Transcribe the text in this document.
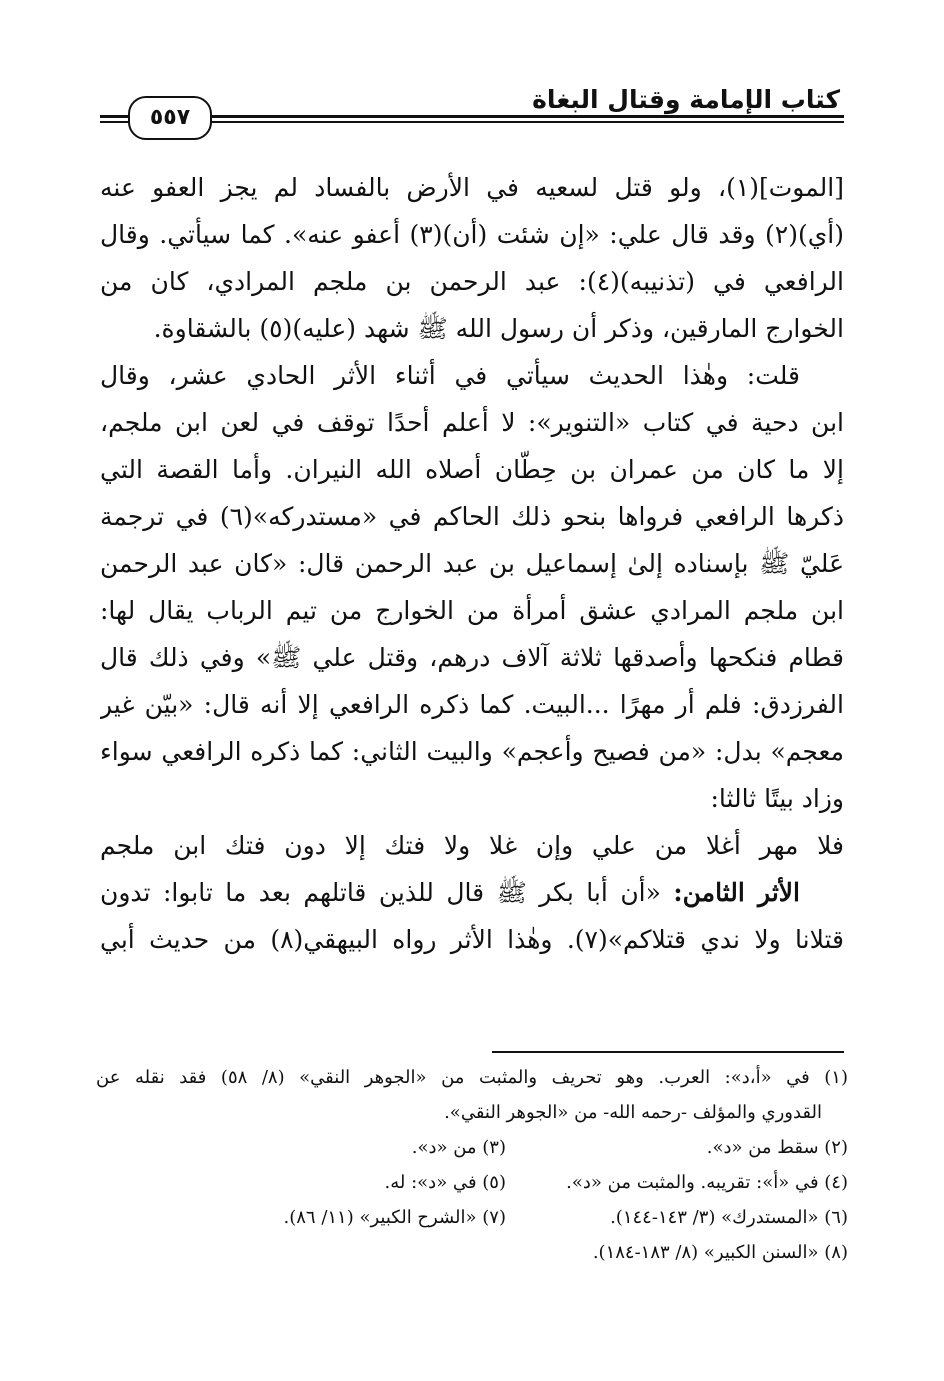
كتاب الإمامة وقتال البغاة
٥٥٧
[الموت](١)، ولو قتل لسعيه في الأرض بالفساد لم يجز العفو عنه
(أي)(٢) وقد قال علي: «إن شئت (أن)(٣) أعفو عنه». كما سيأتي. وقال
الرافعي في (تذنيبه)(٤): عبد الرحمن بن ملجم المرادي، كان من
الخوارج المارقين، وذكر أن رسول الله ﷺ شهد (عليه)(٥) بالشقاوة.
قلت: وهٰذا الحديث سيأتي في أثناء الأثر الحادي عشر، وقال
ابن دحية في كتاب «التنوير»: لا أعلم أحدًا توقف في لعن ابن ملجم،
إلا ما كان من عمران بن حِطّان أصلاه الله النيران. وأما القصة التي
ذكرها الرافعي فرواها بنحو ذلك الحاكم في «مستدركه»(٦) في ترجمة
عَليّ ﷺ بإسناده إلىٰ إسماعيل بن عبد الرحمن قال: «كان عبد الرحمن
ابن ملجم المرادي عشق أمرأة من الخوارج من تيم الرباب يقال لها:
قطام فنكحها وأصدقها ثلاثة آلاف درهم، وقتل علي ﷺ» وفي ذلك قال
الفرزدق: فلم أر مهرًا ...البيت. كما ذكره الرافعي إلا أنه قال: «بيّن غير
معجم» بدل: «من فصيح وأعجم» والبيت الثاني: كما ذكره الرافعي سواء
وزاد بيتًا ثالثا:
فلا مهر أغلا من علي وإن غلا ولا فتك إلا دون فتك ابن ملجم
الأثر الثامن: «أن أبا بكر ﷺ قال للذين قاتلهم بعد ما تابوا: تدون
قتلانا ولا ندي قتلاكم»(٧). وهٰذا الأثر رواه البيهقي(٨) من حديث أبي
(١) في «أ،د»: العرب. وهو تحريف والمثبت من «الجوهر النقي» (٨/ ٥٨) فقد نقله عن
القدوري والمؤلف -رحمه الله- من «الجوهر النقي».
(٢) سقط من «د».
(٣) من «د».
(٤) في «أ»: تقريبه. والمثبت من «د».
(٥) في «د»: له.
(٦) «المستدرك» (٣/ ١٤٣-١٤٤).
(٧) «الشرح الكبير» (١١/ ٨٦).
(٨) «السنن الكبير» (٨/ ١٨٣-١٨٤).
